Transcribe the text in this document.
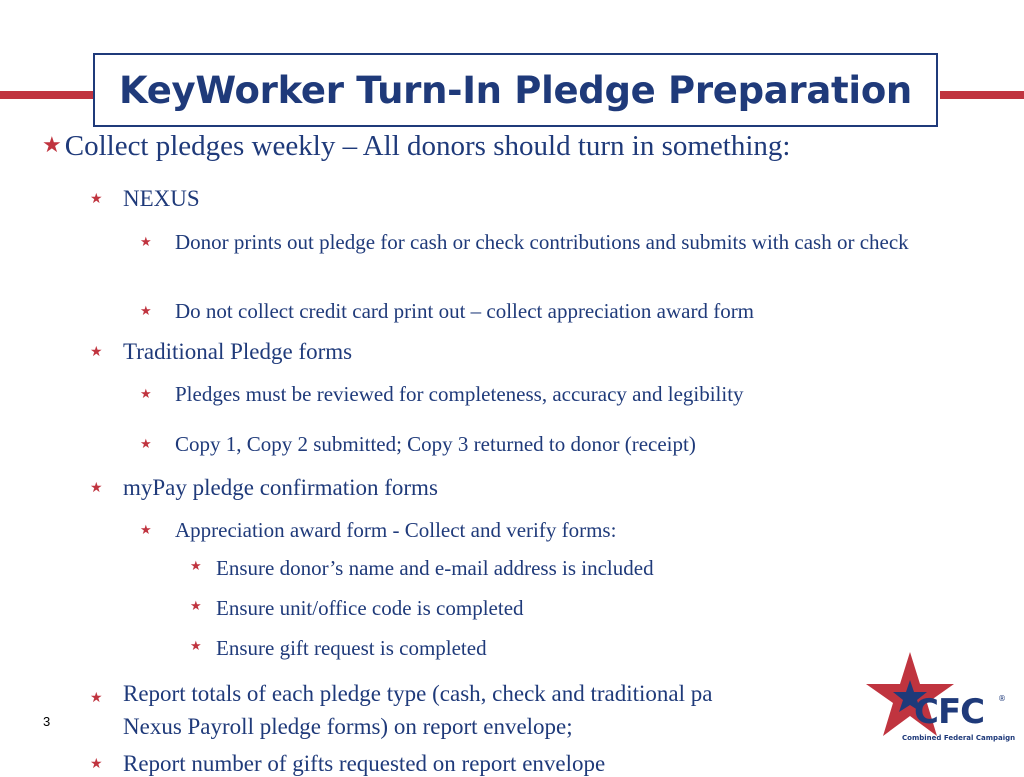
KeyWorker Turn-In Pledge Preparation
★ Collect pledges weekly – All donors should turn in something:
★ NEXUS
★	Donor prints out pledge for cash or check contributions and submits with cash or check
★	Do not collect credit card print out – collect appreciation award form
★ Traditional Pledge forms
★	Pledges must be reviewed for completeness, accuracy and legibility
★	Copy 1, Copy 2 submitted; Copy 3 returned to donor (receipt)
★ myPay pledge confirmation forms
★	Appreciation award form - Collect and verify forms:
★ Ensure donor’s name and e-mail address is included
★ Ensure unit/office code is completed
★ Ensure gift request is completed
★ Report totals of each pledge type (cash, check and traditional pa
Nexus Payroll pledge forms) on report envelope;
★ Report number of gifts requested on report envelope
3	CFC ®
Combined Federal Campaign
